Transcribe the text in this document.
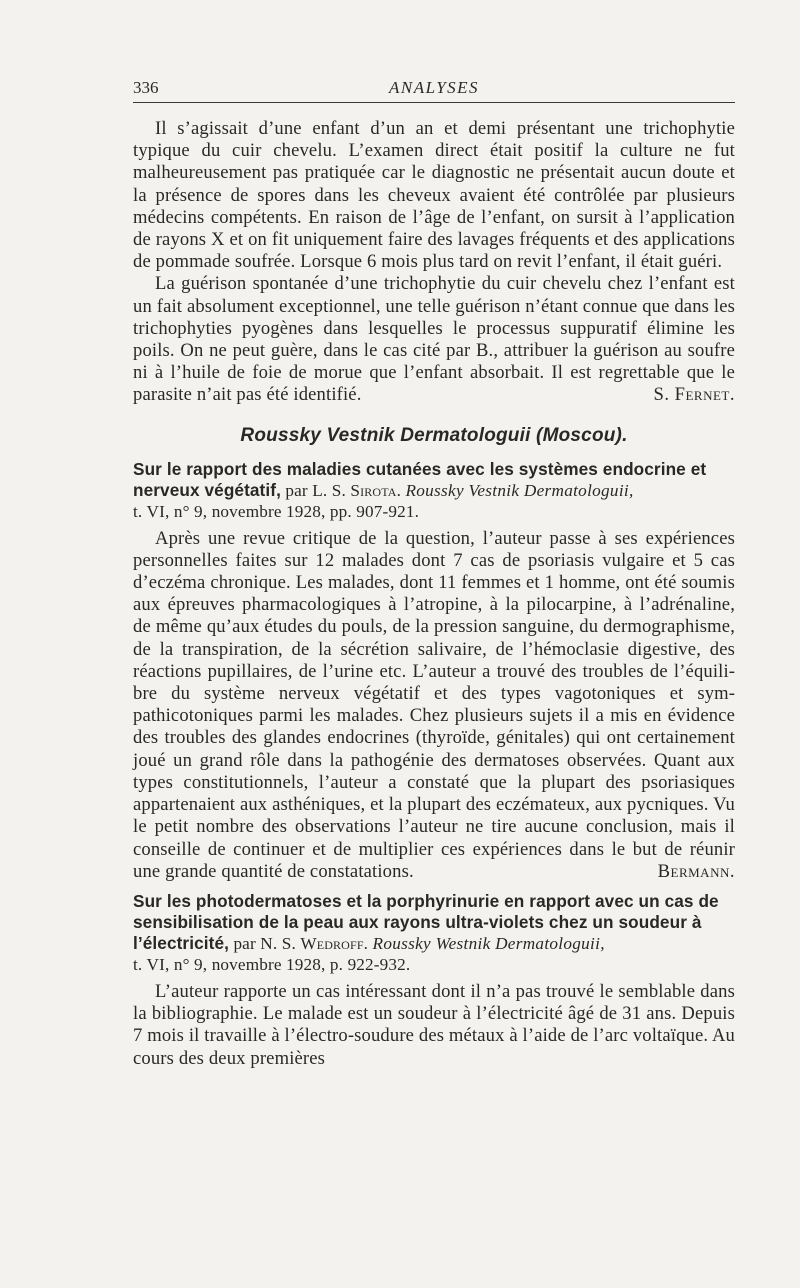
336	ANALYSES

Il s’agissait d’une enfant d’un an et demi présentant une trichophytie typique du cuir chevelu. L’examen direct était positif la culture ne fut malheureusement pas pratiquée car le diagnostic ne présentait aucun doute et la présence de spores dans les cheveux avaient été contrôlée par plusieurs médecins compétents. En raison de l’âge de l’enfant, on sursit à l’application de rayons X et on fit uniquement faire des lavages fréquents et des applications de pommade soufrée. Lorsque 6 mois plus tard on revit l’enfant, il était guéri.

La guérison spontanée d’une trichophytie du cuir chevelu chez l’enfant est un fait absolument exceptionnel, une telle guérison n’étant connue que dans les trichophyties pyogènes dans lesquelles le processus suppuratif élimine les poils. On ne peut guère, dans le cas cité par B., attribuer la guérison au soufre ni à l’huile de foie de morue que l’enfant absorbait. Il est regrettable que le parasite n’ait pas été identifié.	S. Fernet.

Roussky Vestnik Dermatologuii (Moscou).

Sur le rapport des maladies cutanées avec les systèmes endocrine et nerveux végétatif, par L. S. Sirota. Roussky Vestnik Dermatologuii,

t. VI, n° 9, novembre 1928, pp. 907-921.

Après une revue critique de la question, l’auteur passe à ses expériences personnelles faites sur 12 malades dont 7 cas de psoriasis vulgaire et 5 cas d’eczéma chronique. Les malades, dont 11 femmes et 1 homme, ont été soumis aux épreuves pharmacologiques à l’atropine, à la pilocarpine, à l’adrénaline, de même qu’aux études du pouls, de la pression sanguine, du dermographisme, de la transpiration, de la sécrétion salivaire, de l’hémoclasie digestive, des réactions pupillaires, de l’urine etc. L’auteur a trouvé des troubles de l’équilibre du système nerveux végétatif et des types vagotoniques et sympathicotoniques parmi les malades. Chez plusieurs sujets il a mis en évidence des troubles des glandes endocrines (thyroïde, génitales) qui ont certainement joué un grand rôle dans la pathogénie des dermatoses observées. Quant aux types constitutionnels, l’auteur a constaté que la plupart des psoriasiques appartenaient aux asthéniques, et la plupart des eczémateux, aux pycniques. Vu le petit nombre des observations l’auteur ne tire aucune conclusion, mais il conseille de continuer et de multiplier ces expériences dans le but de réunir une grande quantité de constatations.	Bermann.

Sur les photodermatoses et la porphyrinurie en rapport avec un cas de sensibilisation de la peau aux rayons ultra-violets chez un soudeur à l’électricité, par N. S. Wedroff. Roussky Westnik Dermatologuii,

t. VI, n° 9, novembre 1928, p. 922-932.

L’auteur rapporte un cas intéressant dont il n’a pas trouvé le semblable dans la bibliographie. Le malade est un soudeur à l’électricité âgé de 31 ans. Depuis 7 mois il travaille à l’électro-soudure des métaux à l’aide de l’arc voltaïque. Au cours des deux premières
